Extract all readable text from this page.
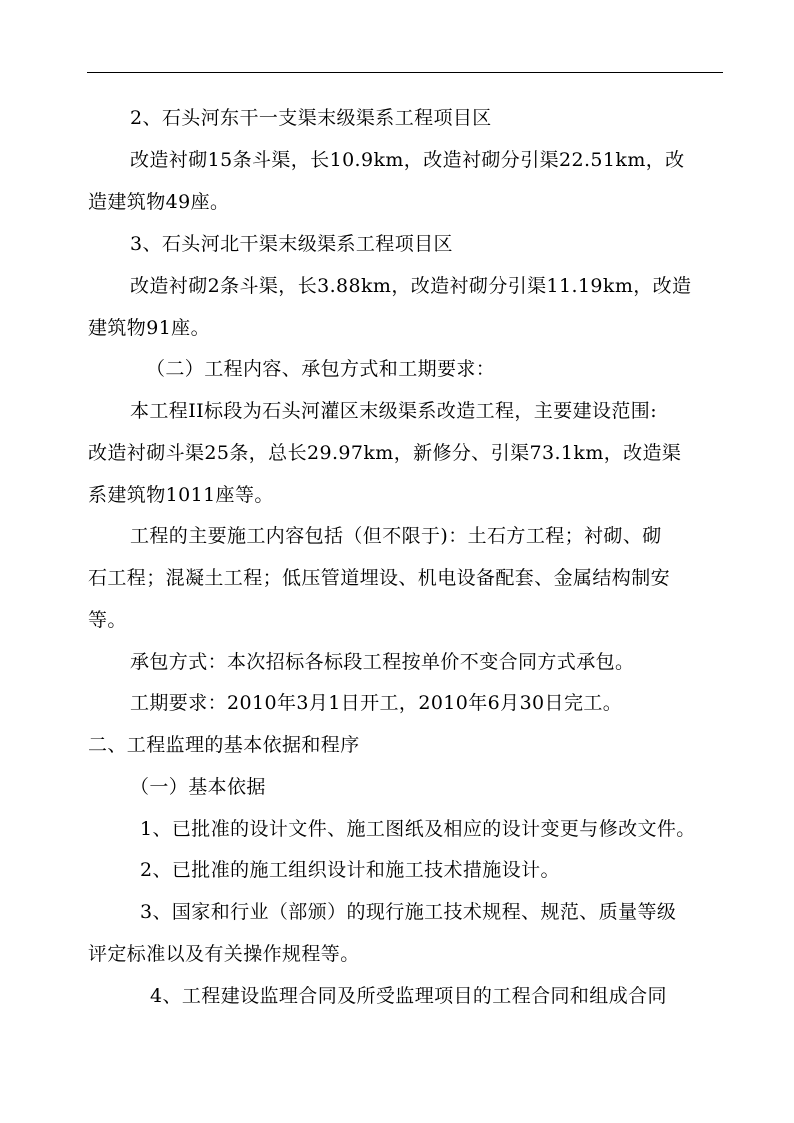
2、石头河东干一支渠末级渠系工程项目区
改造衬砌15条斗渠，长10.9km，改造衬砌分引渠22.51km，改
造建筑物49座。
3、石头河北干渠末级渠系工程项目区
改造衬砌2条斗渠，长3.88km，改造衬砌分引渠11.19km，改造
建筑物91座。
（二）工程内容、承包方式和工期要求：
本工程II标段为石头河灌区末级渠系改造工程，主要建设范围:
改造衬砌斗渠25条，总长29.97km，新修分、引渠73.1km，改造渠
系建筑物1011座等。
工程的主要施工内容包括（但不限于)：土石方工程；衬砌、砌
石工程；混凝土工程；低压管道埋设、机电设备配套、金属结构制安
等。
承包方式：本次招标各标段工程按单价不变合同方式承包。
工期要求：2010年3月1日开工，2010年6月30日完工。
二、工程监理的基本依据和程序
（一）基本依据
1、已批准的设计文件、施工图纸及相应的设计变更与修改文件。
2、已批准的施工组织设计和施工技术措施设计。
3、国家和行业（部颁）的现行施工技术规程、规范、质量等级
评定标准以及有关操作规程等。
4、工程建设监理合同及所受监理项目的工程合同和组成合同
